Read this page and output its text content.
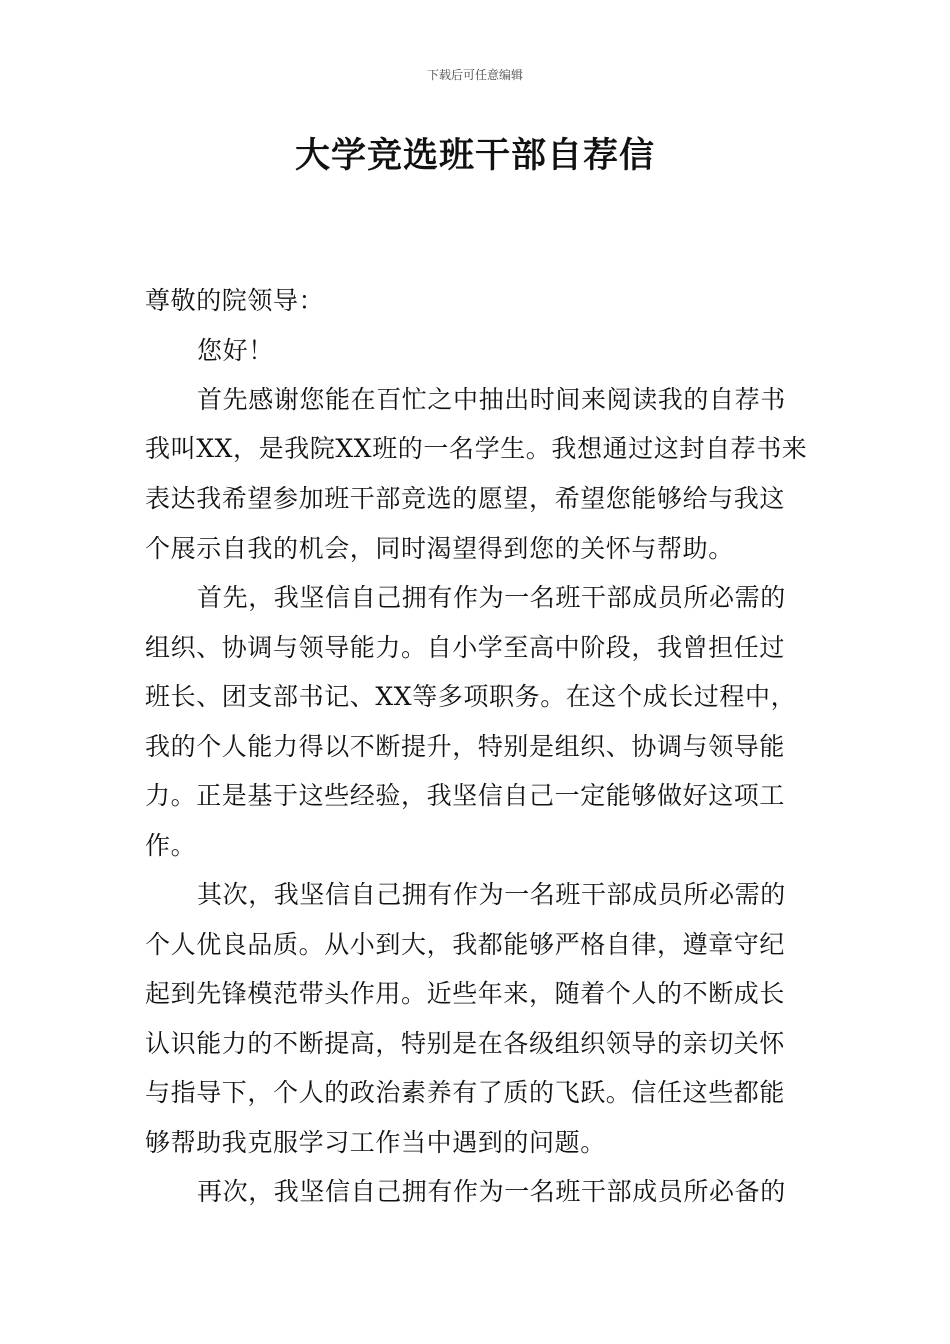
下载后可任意编辑
大学竞选班干部自荐信
尊敬的院领导：
您好！
首先感谢您能在百忙之中抽出时间来阅读我的自荐书
我叫XX，是我院XX班的一名学生。我想通过这封自荐书来
表达我希望参加班干部竞选的愿望，希望您能够给与我这
个展示自我的机会，同时渴望得到您的关怀与帮助。
首先，我坚信自己拥有作为一名班干部成员所必需的
组织、协调与领导能力。自小学至高中阶段，我曾担任过
班长、团支部书记、XX等多项职务。在这个成长过程中，
我的个人能力得以不断提升，特别是组织、协调与领导能
力。正是基于这些经验，我坚信自己一定能够做好这项工
作。
其次，我坚信自己拥有作为一名班干部成员所必需的
个人优良品质。从小到大，我都能够严格自律，遵章守纪
起到先锋模范带头作用。近些年来，随着个人的不断成长
认识能力的不断提高，特别是在各级组织领导的亲切关怀
与指导下，个人的政治素养有了质的飞跃。信任这些都能
够帮助我克服学习工作当中遇到的问题。
再次，我坚信自己拥有作为一名班干部成员所必备的
